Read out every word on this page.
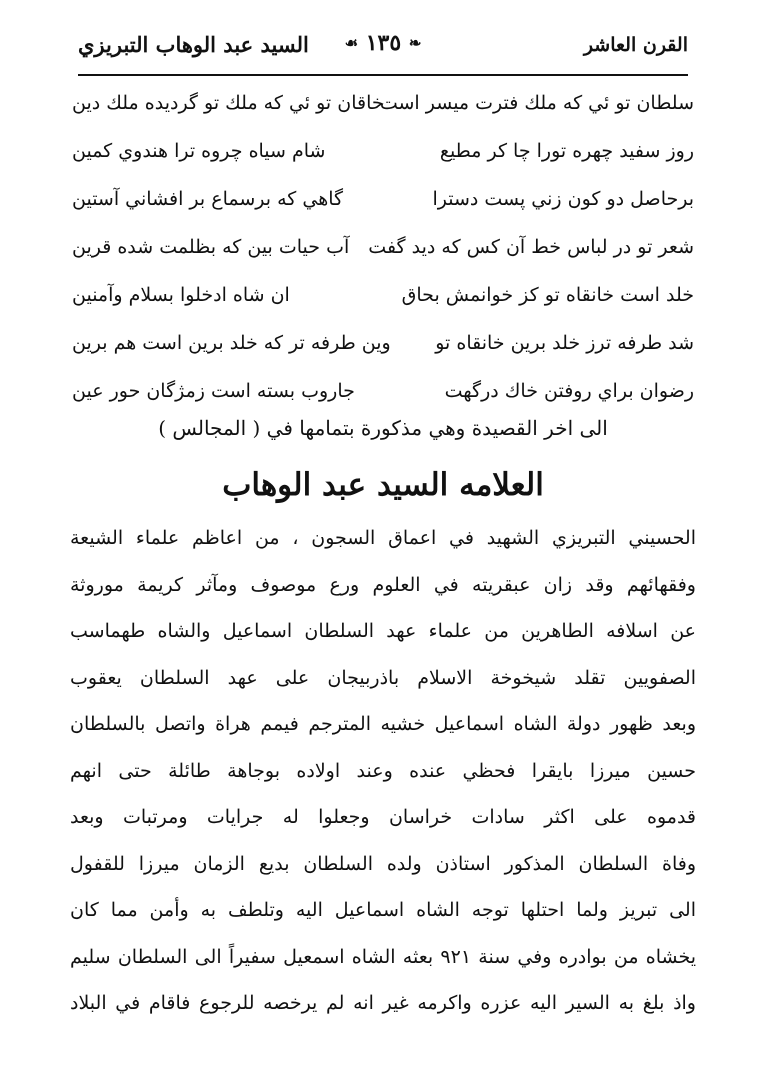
القرن العاشر
❧ ١٣٥ ☙
السيد عبد الوهاب التبريزي
سلطان تو ئي كه ملك فترت ميسر است
خاقان تو ئي كه ملك تو گرديده ملك دين
روز سفيد چهره تورا چا كر مطيع
شام سياه چروه ترا هندوي كمين
برحاصل دو كون زني پست دسترا
گاهي كه برسماع بر افشاني آستين
شعر تو در لباس خط آن كس كه ديد گفت
آب حيات بين كه بظلمت شده قرين
خلد است خانقاه تو كز خوانمش بحاق
ان شاه ادخلوا بسلام وآمنين
شد طرفه ترز خلد برين خانقاه تو
وين طرفه تر كه خلد برين است هم برين
رضوان براي روفتن خاك درگهت
جاروب بسته است زمژگان حور عين
الى اخر القصيدة وهي مذكورة بتمامها في ( المجالس )
العلامه السيد عبد الوهاب
الحسيني التبريزي الشهيد في اعماق السجون ، من اعاظم علماء الشيعة
وفقهائهم وقد زان عبقريته في العلوم ورع موصوف ومآثر كريمة موروثة
عن اسلافه الطاهرين من علماء عهد السلطان اسماعيل والشاه طهماسب
الصفويين تقلد شيخوخة الاسلام باذربيجان على عهد السلطان يعقوب
وبعد ظهور دولة الشاه اسماعيل خشيه المترجم فيمم هراة واتصل بالسلطان
حسين ميرزا بايقرا فحظي عنده وعند اولاده بوجاهة طائلة حتى انهم
قدموه على اكثر سادات خراسان وجعلوا له جرايات ومرتبات وبعد
وفاة السلطان المذكور استاذن ولده السلطان بديع الزمان ميرزا للقفول
الى تبريز ولما احتلها توجه الشاه اسماعيل اليه وتلطف به وأمن مما كان
يخشاه من بوادره وفي سنة ٩٢١ بعثه الشاه اسمعيل سفيراً الى السلطان سليم
واذ بلغ به السير اليه عزره واكرمه غير انه لم يرخصه للرجوع فاقام في البلاد
